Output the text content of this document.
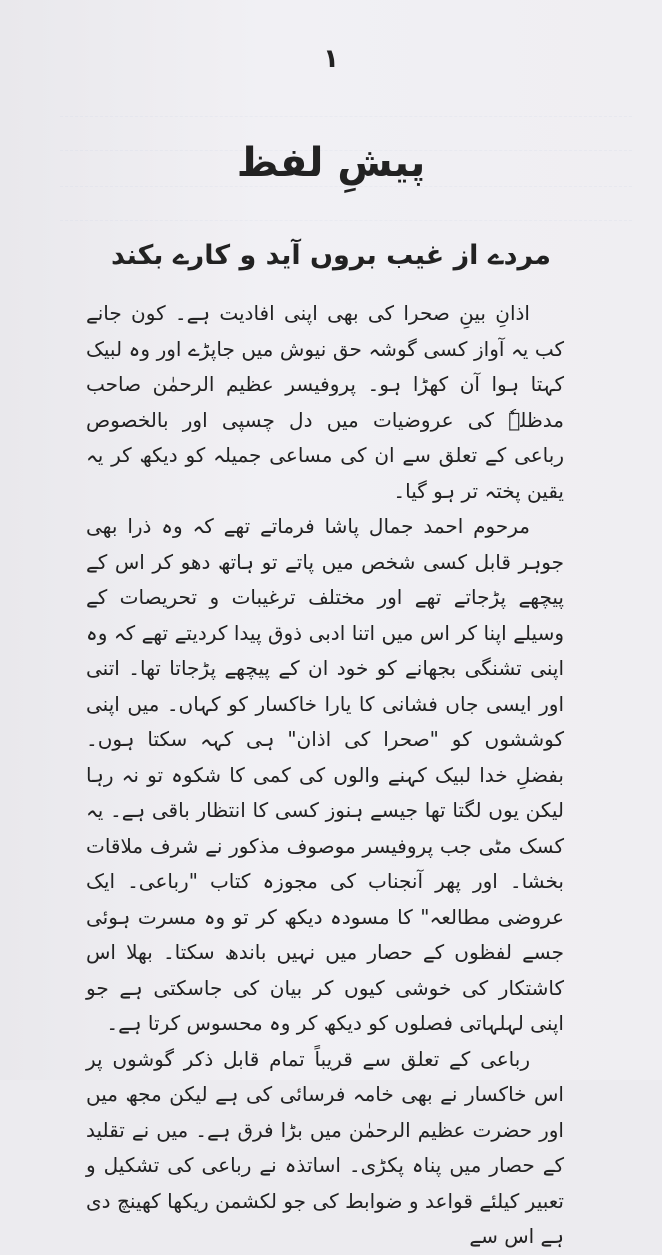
۱
پیشِ لفظ
مردے از غیب بروں آید و کارے بکند

اذانِ بینِ صحرا کی بھی اپنی افادیت ہے۔ کون جانے کب یہ آواز کسی گوشہ حق نیوش میں جاپڑے اور وہ لبیک کہتا ہوا آن کھڑا ہو۔ پروفیسر عظیم الرحمٰن صاحب مدظلہٗ کی عروضیات میں دل چسپی اور بالخصوص رباعی کے تعلق سے ان کی مساعی جمیلہ کو دیکھ کر یہ یقین پختہ تر ہو گیا۔

مرحوم احمد جمال پاشا فرماتے تھے کہ وہ ذرا بھی جوہر قابل کسی شخص میں پاتے تو ہاتھ دھو کر اس کے پیچھے پڑجاتے تھے اور مختلف ترغیبات و تحریصات کے وسیلے اپنا کر اس میں اتنا ادبی ذوق پیدا کردیتے تھے کہ وہ اپنی تشنگی بجھانے کو خود ان کے پیچھے پڑجاتا تھا۔ اتنی اور ایسی جاں فشانی کا یارا خاکسار کو کہاں۔ میں اپنی کوششوں کو "صحرا کی اذان" ہی کہہ سکتا ہوں۔ بفضلِ خدا لبیک کہنے والوں کی کمی کا شکوہ تو نہ رہا لیکن یوں لگتا تھا جیسے ہنوز کسی کا انتظار باقی ہے۔ یہ کسک مٹی جب پروفیسر موصوف مذکور نے شرف ملاقات بخشا۔ اور پھر آنجناب کی مجوزہ کتاب "رباعی۔ ایک عروضی مطالعہ" کا مسودہ دیکھ کر تو وہ مسرت ہوئی جسے لفظوں کے حصار میں نہیں باندھ سکتا۔ بھلا اس کاشتکار کی خوشی کیوں کر بیان کی جاسکتی ہے جو اپنی لہلہاتی فصلوں کو دیکھ کر وہ محسوس کرتا ہے۔

رباعی کے تعلق سے قریباً تمام قابل ذکر گوشوں پر اس خاکسار نے بھی خامہ فرسائی کی ہے لیکن مجھ میں اور حضرت عظیم الرحمٰن میں بڑا فرق ہے۔ میں نے تقلید کے حصار میں پناہ پکڑی۔ اساتذہ نے رباعی کی تشکیل و تعبیر کیلئے قواعد و ضوابط کی جو لکشمن ریکھا کھینچ دی ہے اس سے
